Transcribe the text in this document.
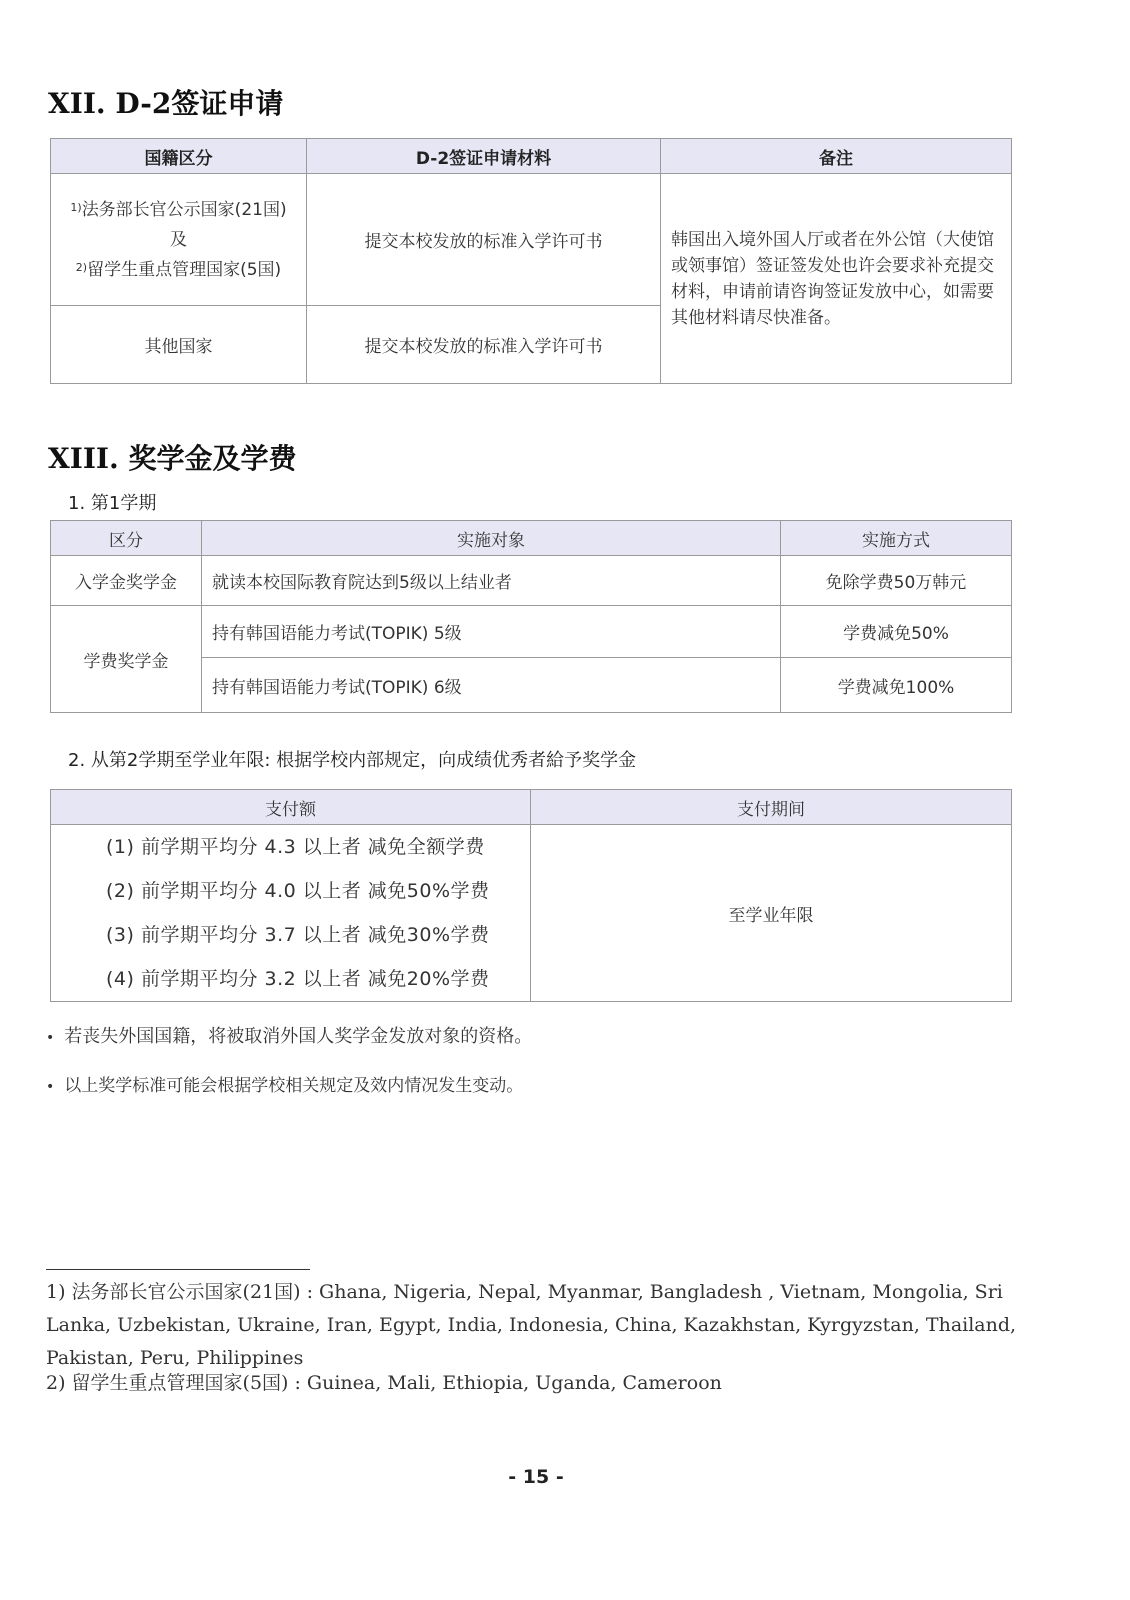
XII. D-2签证申请
国籍区分	D-2签证申请材料	备注

$^{1)}$法务部长官公示国家(21国)
及
$^{2)}$留学生重点管理国家(5国)	提交本校发放的标准入学许可书	韩国出入境外国人厅或者在外公馆（大使馆或领事馆）签证签发处也许会要求补充提交材料，申请前请咨询签证发放中心，如需要其他材料请尽快准备。
其他国家	提交本校发放的标准入学许可书	
XIII. 奖学金及学费
1. 第1学期
区分	实施对象	实施方式
入学金奖学金	就读本校国际教育院达到5级以上结业者	免除学费50万韩元
学费奖学金	持有韩国语能力考试(TOPIK) 5级	学费减免50%
	持有韩国语能力考试(TOPIK) 6级	学费减免100%
2. 从第2学期至学业年限: 根据学校内部规定，向成绩优秀者給予奖学金
支付额	支付期间

(1) 前学期平均分 4.3 以上者 减免全额学费
(2) 前学期平均分 4.0 以上者 减免50%学费
(3) 前学期平均分 3.7 以上者 减免30%学费
(4) 前学期平均分 3.2 以上者 减免20%学费	至学业年限
• 若丧失外国国籍，将被取消外国人奖学金发放对象的资格。
• 以上奖学标准可能会根据学校相关规定及效内情况发生变动。
1) 法务部长官公示国家(21国) : Ghana, Nigeria, Nepal, Myanmar, Bangladesh , Vietnam, Mongolia, Sri Lanka, Uzbekistan, Ukraine, Iran, Egypt, India, Indonesia, China, Kazakhstan, Kyrgyzstan, Thailand, Pakistan, Peru, Philippines
2) 留学生重点管理国家(5国) : Guinea, Mali, Ethiopia, Uganda, Cameroon
- 15 -
